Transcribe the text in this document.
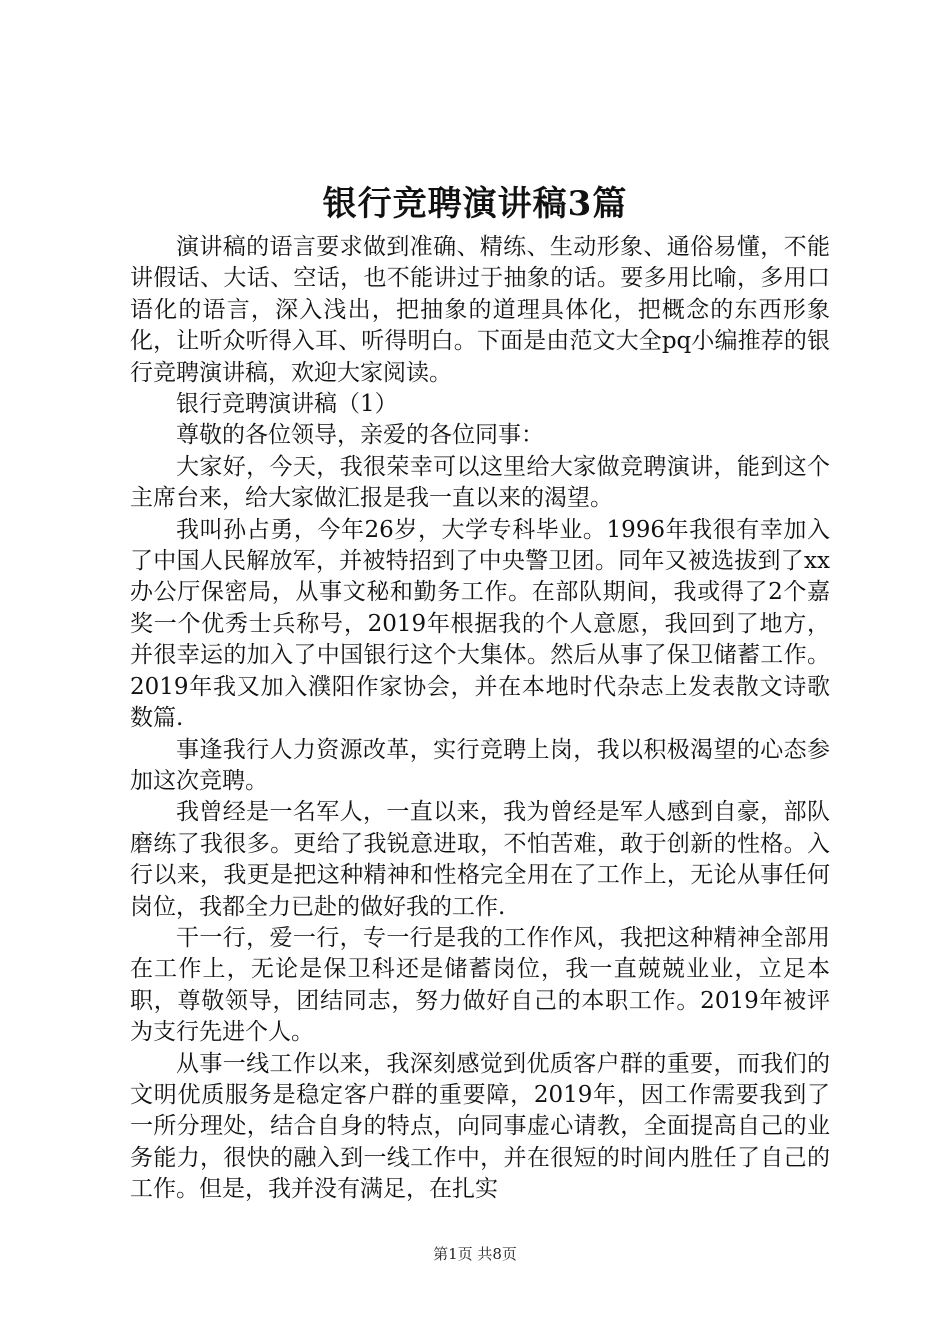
银行竞聘演讲稿3篇

演讲稿的语言要求做到准确、精练、生动形象、通俗易懂，不能讲假话、大话、空话，也不能讲过于抽象的话。要多用比喻，多用口语化的语言，深入浅出，把抽象的道理具体化，把概念的东西形象化，让听众听得入耳、听得明白。下面是由范文大全pq小编推荐的银行竞聘演讲稿，欢迎大家阅读。

银行竞聘演讲稿（1）

尊敬的各位领导，亲爱的各位同事：

大家好，今天，我很荣幸可以这里给大家做竞聘演讲，能到这个主席台来，给大家做汇报是我一直以来的渴望。

我叫孙占勇，今年26岁，大学专科毕业。1996年我很有幸加入了中国人民解放军，并被特招到了中央警卫团。同年又被选拔到了xx办公厅保密局，从事文秘和勤务工作。在部队期间，我或得了2个嘉奖一个优秀士兵称号，2019年根据我的个人意愿，我回到了地方，并很幸运的加入了中国银行这个大集体。然后从事了保卫储蓄工作。2019年我又加入濮阳作家协会，并在本地时代杂志上发表散文诗歌数篇.

事逢我行人力资源改革，实行竞聘上岗，我以积极渴望的心态参加这次竞聘。

我曾经是一名军人，一直以来，我为曾经是军人感到自豪，部队磨练了我很多。更给了我锐意进取，不怕苦难，敢于创新的性格。入行以来，我更是把这种精神和性格完全用在了工作上，无论从事任何岗位，我都全力已赴的做好我的工作.

干一行，爱一行，专一行是我的工作作风，我把这种精神全部用在工作上，无论是保卫科还是储蓄岗位，我一直兢兢业业，立足本职，尊敬领导，团结同志，努力做好自己的本职工作。2019年被评为支行先进个人。

从事一线工作以来，我深刻感觉到优质客户群的重要，而我们的文明优质服务是稳定客户群的重要障，2019年，因工作需要我到了一所分理处，结合自身的特点，向同事虚心请教，全面提高自己的业务能力，很快的融入到一线工作中，并在很短的时间内胜任了自己的工作。但是，我并没有满足，在扎实

第1页 共8页
